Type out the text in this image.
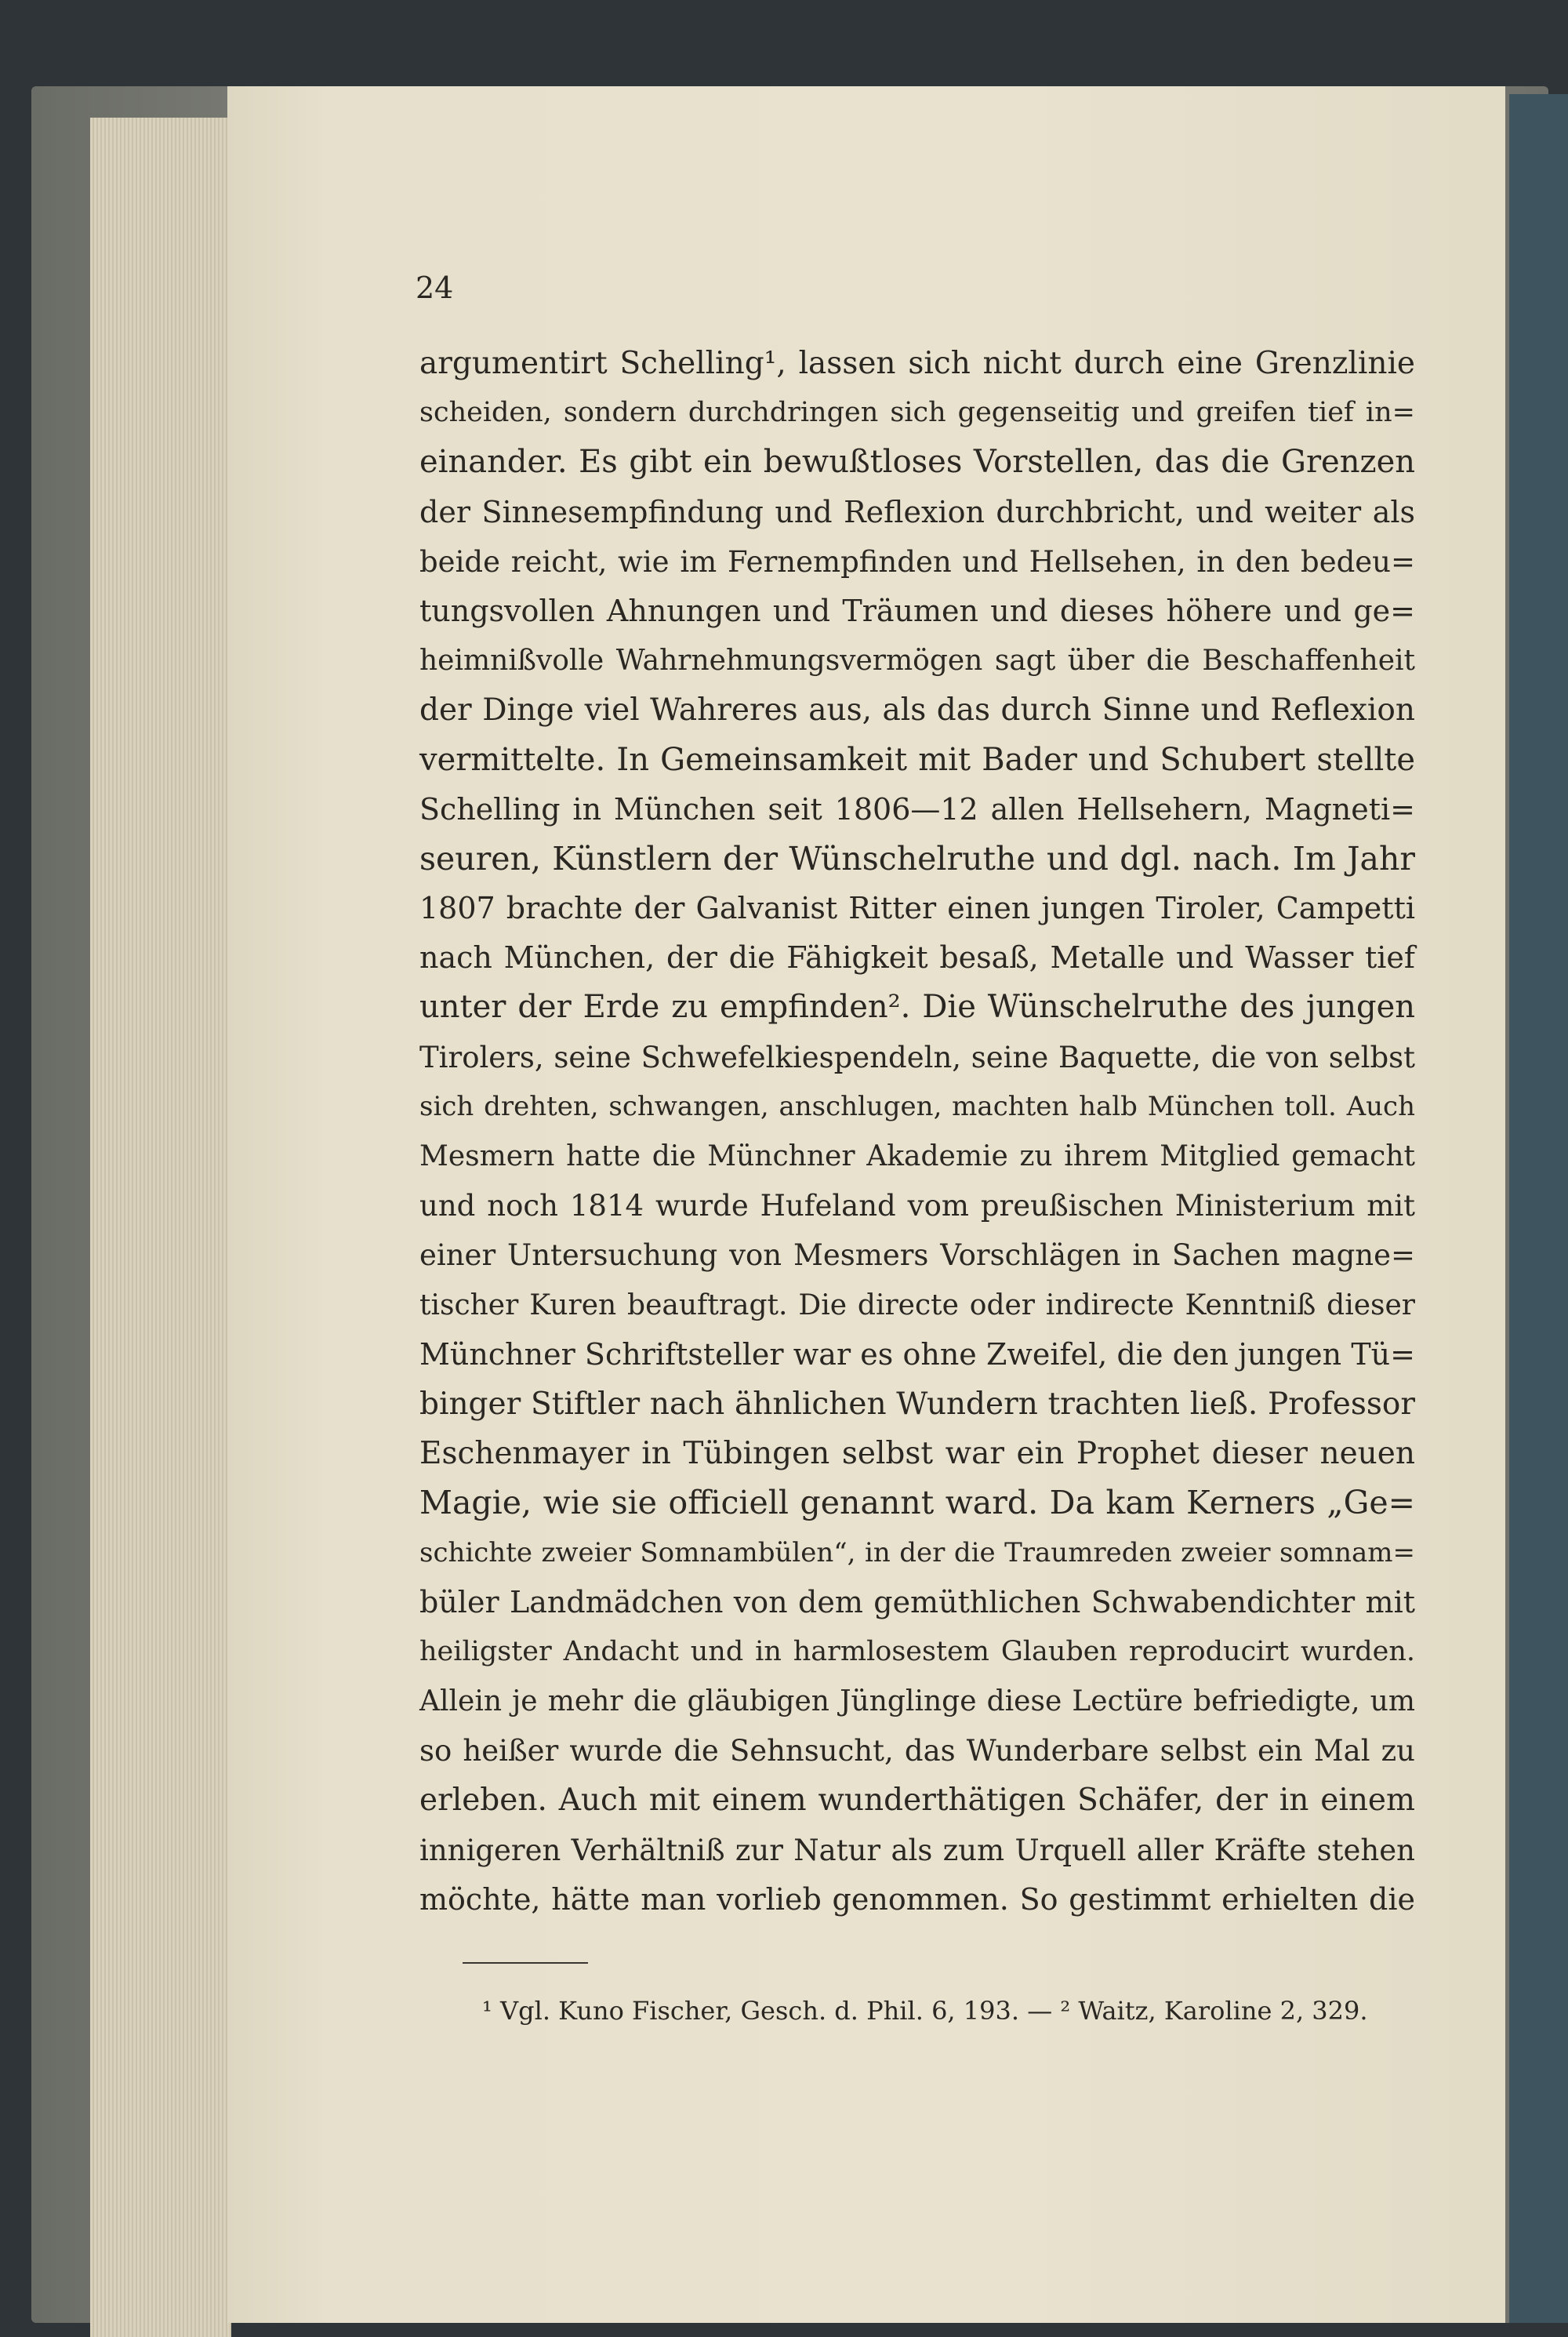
24
argumentirt Schelling¹, lassen sich nicht durch eine Grenzlinie
scheiden, sondern durchdringen sich gegenseitig und greifen tief in=
einander. Es gibt ein bewußtloses Vorstellen, das die Grenzen
der Sinnesempfindung und Reflexion durchbricht, und weiter als
beide reicht, wie im Fernempfinden und Hellsehen, in den bedeu=
tungsvollen Ahnungen und Träumen und dieses höhere und ge=
heimnißvolle Wahrnehmungsvermögen sagt über die Beschaffenheit
der Dinge viel Wahreres aus, als das durch Sinne und Reflexion
vermittelte. In Gemeinsamkeit mit Bader und Schubert stellte
Schelling in München seit 1806—12 allen Hellsehern, Magneti=
seuren, Künstlern der Wünschelruthe und dgl. nach. Im Jahr
1807 brachte der Galvanist Ritter einen jungen Tiroler, Campetti
nach München, der die Fähigkeit besaß, Metalle und Wasser tief
unter der Erde zu empfinden². Die Wünschelruthe des jungen
Tirolers, seine Schwefelkiespendeln, seine Baquette, die von selbst
sich drehten, schwangen, anschlugen, machten halb München toll. Auch
Mesmern hatte die Münchner Akademie zu ihrem Mitglied gemacht
und noch 1814 wurde Hufeland vom preußischen Ministerium mit
einer Untersuchung von Mesmers Vorschlägen in Sachen magne=
tischer Kuren beauftragt. Die directe oder indirecte Kenntniß dieser
Münchner Schriftsteller war es ohne Zweifel, die den jungen Tü=
binger Stiftler nach ähnlichen Wundern trachten ließ. Professor
Eschenmayer in Tübingen selbst war ein Prophet dieser neuen
Magie, wie sie officiell genannt ward. Da kam Kerners „Ge=
schichte zweier Somnambülen“, in der die Traumreden zweier somnam=
büler Landmädchen von dem gemüthlichen Schwabendichter mit
heiligster Andacht und in harmlosestem Glauben reproducirt wurden.
Allein je mehr die gläubigen Jünglinge diese Lectüre befriedigte, um
so heißer wurde die Sehnsucht, das Wunderbare selbst ein Mal zu
erleben. Auch mit einem wunderthätigen Schäfer, der in einem
innigeren Verhältniß zur Natur als zum Urquell aller Kräfte stehen
möchte, hätte man vorlieb genommen. So gestimmt erhielten die
¹ Vgl. Kuno Fischer, Gesch. d. Phil. 6, 193. — ² Waitz, Karoline 2, 329.
